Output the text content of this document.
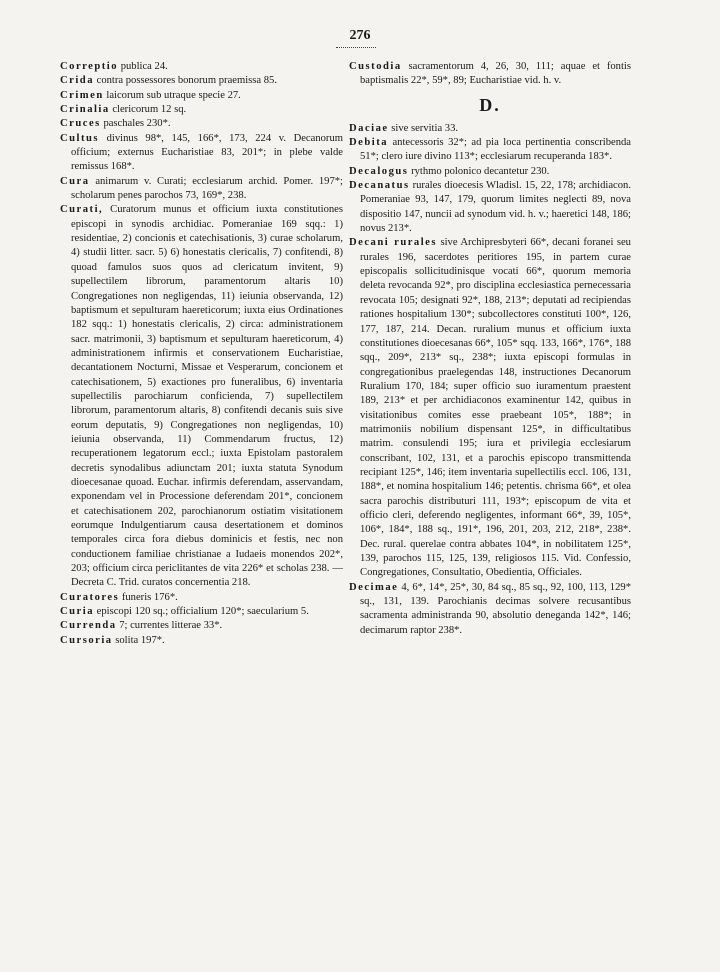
276

Correptio publica 24.

Crida contra possessores bonorum praemissa 85.

Crimen laicorum sub utraque specie 27.

Crinalia clericorum 12 sq.

Cruces paschales 230*.

Cultus divinus 98*, 145, 166*, 173, 224 v. Decanorum officium; externus Eucharistiae 83, 201*; in plebe valde remissus 168*.

Cura animarum v. Curati; ecclesiarum archid. Pomer. 197*; scholarum penes parochos 73, 169*, 238.

Curati, Curatorum munus et officium iuxta constitutiones episcopi in synodis archidiac. Pomeraniae 169 sqq.: 1) residentiae, 2) concionis et catechisationis, 3) curae scholarum, 4) studii litter. sacr. 5) 6) honestatis clericalis, 7) confitendi, 8) quoad famulos suos quos ad clericatum invitent, 9) supellectilem librorum, paramentorum altaris 10) Congregationes non negligendas, 11) ieiunia observanda, 12) baptismum et sepulturam haereticorum; iuxta eius Ordinationes 182 sqq.: 1) honestatis clericalis, 2) circa: administrationem sacr. matrimonii, 3) baptismum et sepulturam haereticorum, 4) administrationem infirmis et conservationem Eucharistiae, decantationem Nocturni, Missae et Vesperarum, concionem et catechisationem, 5) exactiones pro funeralibus, 6) inventaria supellectilis parochiarum conficienda, 7) supellectilem librorum, paramentorum altaris, 8) confitendi decanis suis sive eorum deputatis, 9) Congregationes non negligendas, 10) ieiunia observanda, 11) Commendarum fructus, 12) recuperationem legatorum eccl.; iuxta Epistolam pastoralem decretis synodalibus adiunctam 201; iuxta statuta Synodum dioecesanae quoad. Euchar. infirmis deferendam, asservandam, exponendam vel in Processione deferendam 201*, concionem et catechisationem 202, parochianorum ostiatim visitationem eorumque Indulgentiarum causa desertationem et dominos temporales circa fora diebus dominicis et festis, nec non conductionem familiae christianae a Iudaeis monendos 202*, 203; officium circa periclitantes de vita 226* et scholas 238. — Decreta C. Trid. curatos concernentia 218.

Curatores funeris 176*.

Curia episcopi 120 sq.; officialium 120*; saecularium 5.

Currenda 7; currentes litterae 33*.

Cursoria solita 197*.

Custodia sacramentorum 4, 26, 30, 111; aquae et fontis baptismalis 22*, 59*, 89; Eucharistiae vid. h. v.

D.

Daciae sive servitia 33.

Debita antecessoris 32*; ad pia loca pertinentia conscribenda 51*; clero iure divino 113*; ecclesiarum recuperanda 183*.

Decalogus rythmo polonico decantetur 230.

Decanatus rurales dioecesis Wladisl. 15, 22, 178; archidiacon. Pomeraniae 93, 147, 179, quorum limites neglecti 89, nova dispositio 147, nuncii ad synodum vid. h. v.; haeretici 148, 186; novus 213*.

Decani rurales sive Archipresbyteri 66*, decani foranei seu rurales 196, sacerdotes peritiores 195, in partem curae episcopalis sollicitudinisque vocati 66*, quorum memoria deleta revocanda 92*, pro disciplina ecclesiastica pernecessaria revocata 105; designati 92*, 188, 213*; deputati ad recipiendas rationes hospitalium 130*; subcollectores constituti 100*, 126, 177, 187, 214. Decan. ruralium munus et officium iuxta constitutiones dioecesanas 66*, 105* sqq. 133, 166*, 176*, 188 sqq., 209*, 213* sq., 238*; iuxta episcopi formulas in congregationibus praelegendas 148, instructiones Decanorum Ruralium 170, 184; super officio suo iuramentum praestent 189, 213* et per archidiaconos examinentur 142, quibus in visitationibus comites esse praebeant 105*, 188*; in matrimoniis nobilium dispensant 125*, in difficultatibus matrim. consulendi 195; iura et privilegia ecclesiarum conscribant, 102, 131, et a parochis episcopo transmittenda recipiant 125*, 146; item inventaria supellectilis eccl. 106, 131, 188*, et nomina hospitalium 146; petentis. chrisma 66*, et olea sacra parochis distributuri 111, 193*; episcopum de vita et officio cleri, deferendo negligentes, informant 66*, 39, 105*, 106*, 184*, 188 sq., 191*, 196, 201, 203, 212, 218*, 238*. Dec. rural. querelae contra abbates 104*, in nobilitatem 125*, 139, parochos 115, 125, 139, religiosos 115. Vid. Confessio, Congregationes, Consultatio, Obedientia, Officiales.

Decimae 4, 6*, 14*, 25*, 30, 84 sq., 85 sq., 92, 100, 113, 129* sq., 131, 139. Parochianis decimas solvere recusantibus sacramenta administranda 90, absolutio deneganda 142*, 146; decimarum raptor 238*.
